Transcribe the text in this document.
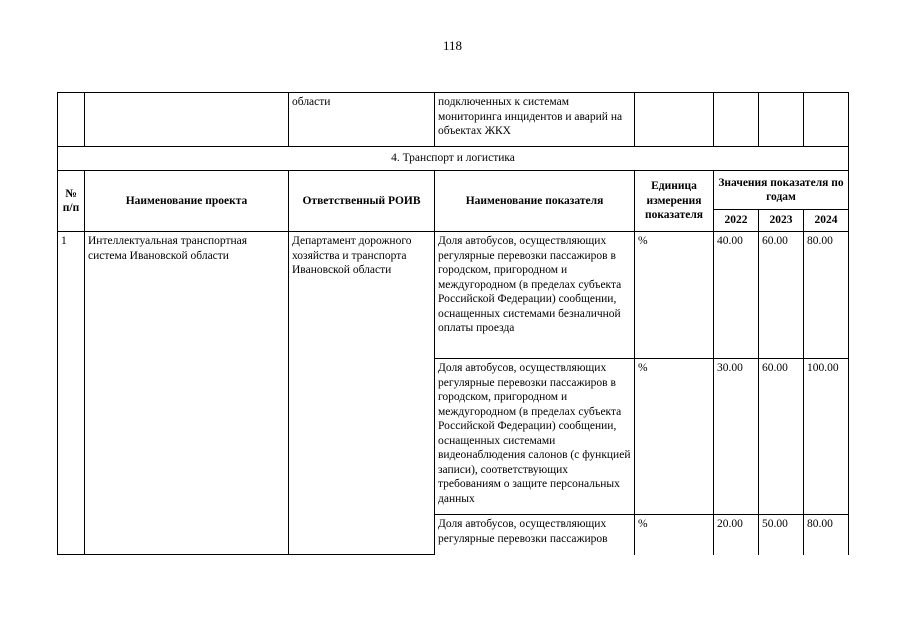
118
		области	подключенных к системам мониторинга инцидентов и аварий на объектах ЖКХ				
4. Транспорт и логистика							
№ п/п	Наименование проекта	Ответственный РОИВ	Наименование показателя	Единица измерения показателя	Значения показателя по годам		
					2022	2023	2024
1	Интеллектуальная транспортная система Ивановской области	Департамент дорожного хозяйства и транспорта Ивановской области	Доля автобусов, осуществляющих регулярные перевозки пассажиров в городском, пригородном и междугородном (в пределах субъекта Российской Федерации) сообщении, оснащенных системами безналичной оплаты проезда	%	40.00	60.00	80.00
			Доля автобусов, осуществляющих регулярные перевозки пассажиров в городском, пригородном и междугородном (в пределах субъекта Российской Федерации) сообщении, оснащенных системами видеонаблюдения салонов (с функцией записи), соответствующих требованиям о защите персональных данных	%	30.00	60.00	100.00
			Доля автобусов, осуществляющих регулярные перевозки пассажиров	%	20.00	50.00	80.00
